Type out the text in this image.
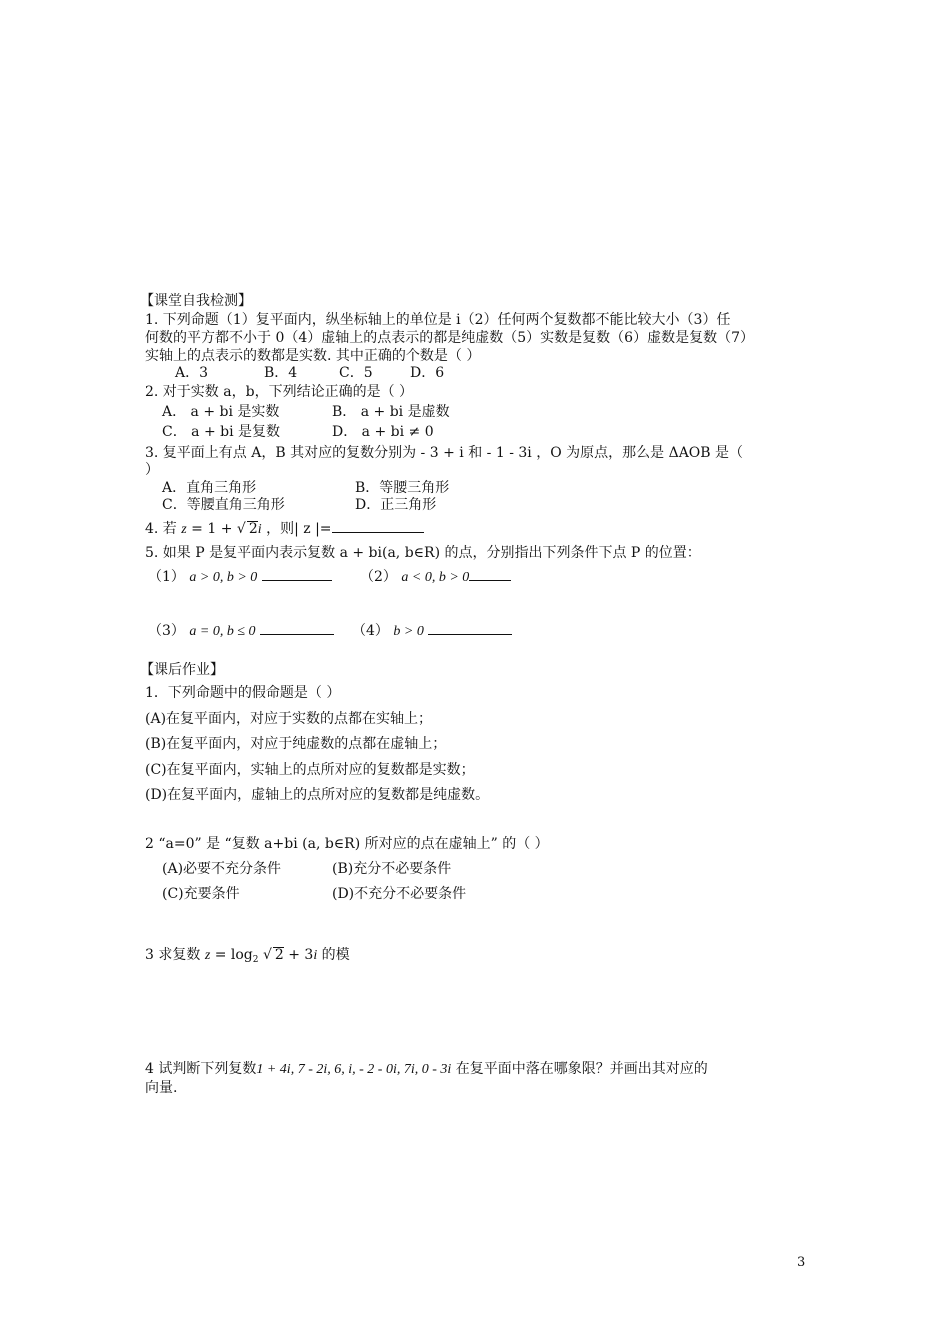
【课堂自我检测】
1. 下列命题（1）复平面内，纵坐标轴上的单位是 i（2）任何两个复数都不能比较大小（3）任
何数的平方都不小于 0（4）虚轴上的点表示的都是纯虚数（5）实数是复数（6）虚数是复数（7）
实轴上的点表示的数都是实数. 其中正确的个数是（ ）
A．3	B．4	C．5	D．6
2. 对于实数 a，b，下列结论正确的是（ ）
A． a + bi 是实数	B． a + bi 是虚数
C． a + bi 是复数	D． a + bi ≠ 0
3. 复平面上有点 A，B 其对应的复数分别为 - 3 + i 和 - 1 - 3i ，O 为原点，那么是 ΔAOB 是（
）
A．直角三角形	B．等腰三角形
C．等腰直角三角形	D．正三角形
4. 若 z = 1 + √ 2i ，则| z |=
5. 如果 P 是复平面内表示复数 a + bi(a, b∈R) 的点，分别指出下列条件下点 P 的位置：
（1） a > 0, b > 0	（2） a < 0, b > 0
（3） a = 0, b ≤ 0	（4） b > 0
【课后作业】
1．下列命题中的假命题是（ ）
(A)在复平面内，对应于实数的点都在实轴上；
(B)在复平面内，对应于纯虚数的点都在虚轴上；
(C)在复平面内，实轴上的点所对应的复数都是实数；
(D)在复平面内，虚轴上的点所对应的复数都是纯虚数。
2 “a=0” 是 “复数 a+bi (a, b∈R) 所对应的点在虚轴上” 的（ ）
(A)必要不充分条件	(B)充分不必要条件
(C)充要条件	(D)不充分不必要条件
3 求复数 $z = \log_2$ √ 2 + 3i 的模
4 试判断下列复数1 + 4i, 7 - 2i, 6, i, - 2 - 0i, 7i, 0 - 3i 在复平面中落在哪象限？并画出其对应的
向量.
3
